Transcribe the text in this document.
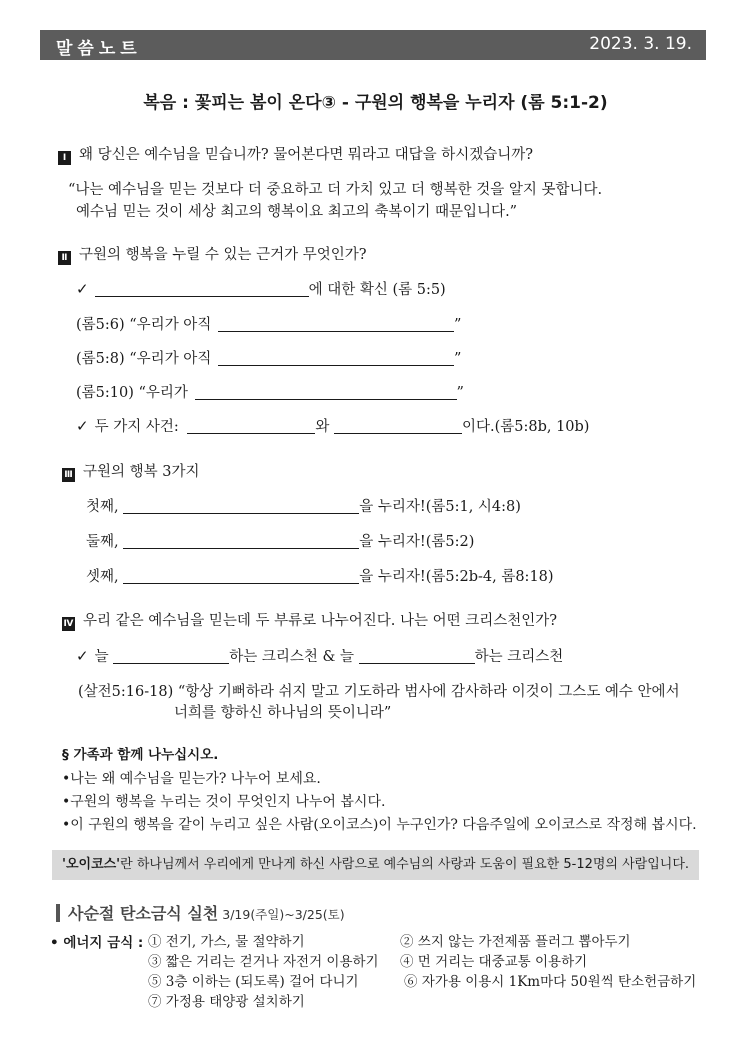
말씀노트	2023. 3. 19.
복음 : 꽃피는 봄이 온다③ - 구원의 행복을 누리자 (롬 5:1-2)
Ⅰ 왜 당신은 예수님을 믿습니까? 물어본다면 뭐라고 대답을 하시겠습니까?
“나는 예수님을 믿는 것보다 더 중요하고 더 가치 있고 더 행복한 것을 알지 못합니다.
예수님 믿는 것이 세상 최고의 행복이요 최고의 축복이기 때문입니다.”
Ⅱ 구원의 행복을 누릴 수 있는 근거가 무엇인가?
✓	에 대한 확신 (롬 5:5)
(롬5:6) “우리가 아직	”
(롬5:8) “우리가 아직	”
(롬5:10) “우리가	”
✓ 두 가지 사건:	와	이다.(롬5:8b, 10b)
Ⅲ 구원의 행복 3가지
첫째,	을 누리자!(롬5:1, 시4:8)
둘째,	을 누리자!(롬5:2)
셋째,	을 누리자!(롬5:2b-4, 롬8:18)
Ⅳ 우리 같은 예수님을 믿는데 두 부류로 나누어진다. 나는 어떤 크리스천인가?
✓ 늘	하는 크리스천 & 늘	하는 크리스천
(살전5:16-18) “항상 기뻐하라 쉬지 말고 기도하라 범사에 감사하라 이것이 그스도 예수 안에서
너희를 향하신 하나님의 뜻이니라”
§ 가족과 함께 나누십시오.
•나는 왜 예수님을 믿는가? 나누어 보세요.
•구원의 행복을 누리는 것이 무엇인지 나누어 봅시다.
•이 구원의 행복을 같이 누리고 싶은 사람(오이코스)이 누구인가? 다음주일에 오이코스로 작정해 봅시다.
'오이코스'란 하나님께서 우리에게 만나게 하신 사람으로 예수님의 사랑과 도움이 필요한 5-12명의 사람입니다.
사순절 탄소금식 실천 3/19(주일)~3/25(토)
• 에너지 금식 : ① 전기, 가스, 물 절약하기	② 쓰지 않는 가전제품 플러그 뽑아두기
③ 짧은 거리는 걷거나 자전거 이용하기 ④ 먼 거리는 대중교통 이용하기
⑤ 3층 이하는 (되도록) 걸어 다니기	⑥ 자가용 이용시 1Km마다 50원씩 탄소헌금하기
⑦ 가정용 태양광 설치하기
